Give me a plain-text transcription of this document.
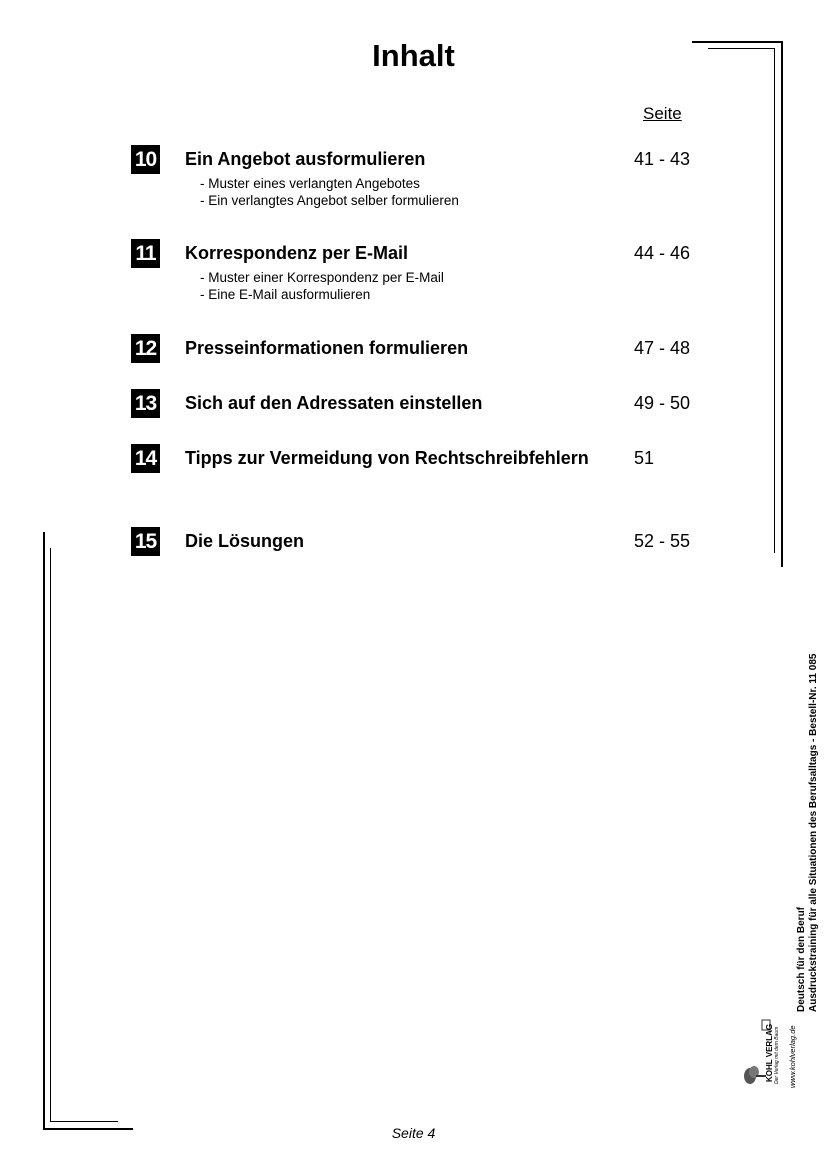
Inhalt
Seite
10 Ein Angebot ausformulieren	41 - 43
- Muster eines verlangten Angebotes
- Ein verlangtes Angebot selber formulieren
11 Korrespondenz per E-Mail	44 - 46
- Muster einer Korrespondenz per E-Mail
- Eine E-Mail ausformulieren
12 Presseinformationen formulieren	47 - 48
13 Sich auf den Adressaten einstellen	49 - 50
14 Tipps zur Vermeidung von Rechtschreibfehlern	51
15 Die Lösungen	52 - 55
Deutsch für den Beruf Ausdruckstraining für alle Situationen des Berufsalltags - Bestell-Nr. 11 085
KOHL VERLAG Der Verlag mit dem Baum www.kohlverlag.de
Seite 4
